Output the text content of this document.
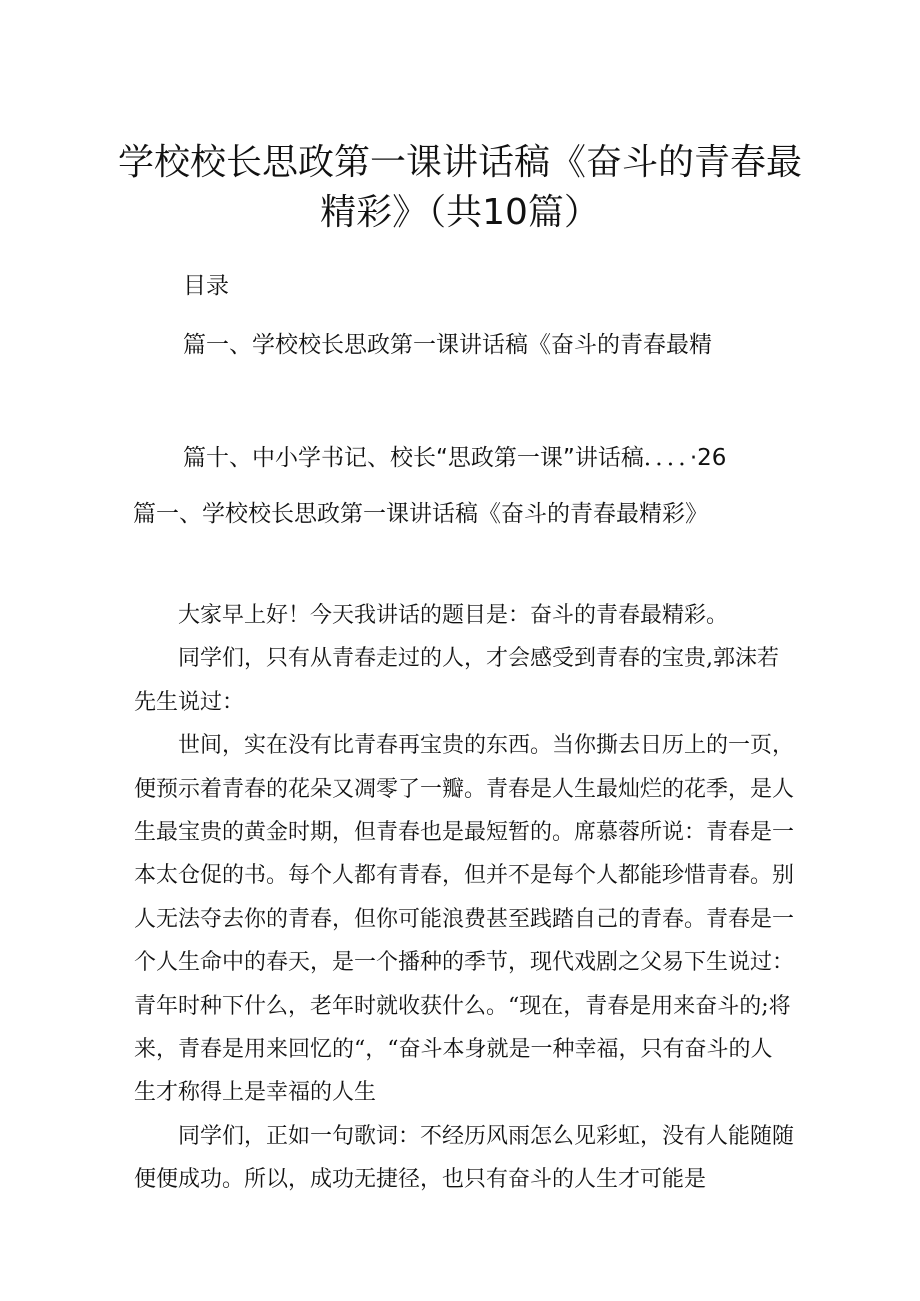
学校校长思政第一课讲话稿《奋斗的青春最
精彩》（共10篇）
目录
篇一、学校校长思政第一课讲话稿《奋斗的青春最精
篇十、中小学书记、校长“思政第一课”讲话稿．．．．·26
篇一、学校校长思政第一课讲话稿《奋斗的青春最精彩》

大家早上好！今天我讲话的题目是：奋斗的青春最精彩。

同学们，只有从青春走过的人，才会感受到青春的宝贵,郭沫若先生说过：

世间，实在没有比青春再宝贵的东西。当你撕去日历上的一页，便预示着青春的花朵又凋零了一瓣。青春是人生最灿烂的花季，是人生最宝贵的黄金时期，但青春也是最短暂的。席慕蓉所说：青春是一本太仓促的书。每个人都有青春，但并不是每个人都能珍惜青春。别人无法夺去你的青春，但你可能浪费甚至践踏自己的青春。青春是一个人生命中的春天，是一个播种的季节，现代戏剧之父易下生说过：青年时种下什么，老年时就收获什么。“现在，青春是用来奋斗的;将来，青春是用来回忆的“，“奋斗本身就是一种幸福，只有奋斗的人生才称得上是幸福的人生

同学们，正如一句歌词：不经历风雨怎么见彩虹，没有人能随随便便成功。所以，成功无捷径，也只有奋斗的人生才可能是
